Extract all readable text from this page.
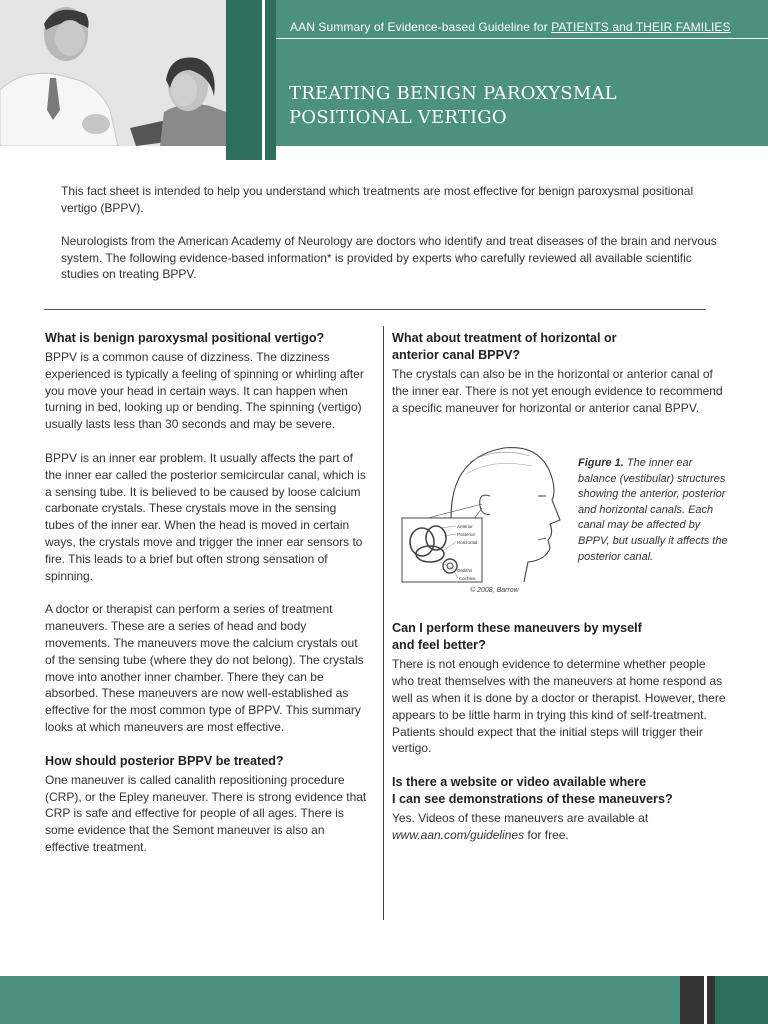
AAN Summary of Evidence-based Guideline for PATIENTS and THEIR FAMILIES
TREATING BENIGN PAROXYSMAL
POSITIONAL VERTIGO

This fact sheet is intended to help you understand which treatments are most effective for benign paroxysmal positional vertigo (BPPV).

Neurologists from the American Academy of Neurology are doctors who identify and treat diseases of the brain and nervous system. The following evidence-based information* is provided by experts who carefully reviewed all available scientific studies on treating BPPV.

What is benign paroxysmal positional vertigo?

BPPV is a common cause of dizziness. The dizziness experienced is typically a feeling of spinning or whirling after you move your head in certain ways. It can happen when turning in bed, looking up or bending. The spinning (vertigo) usually lasts less than 30 seconds and may be severe.

BPPV is an inner ear problem. It usually affects the part of the inner ear called the posterior semicircular canal, which is a sensing tube. It is believed to be caused by loose calcium carbonate crystals. These crystals move in the sensing tubes of the inner ear. When the head is moved in certain ways, the crystals move and trigger the inner ear sensors to fire. This leads to a brief but often strong sensation of spinning.

A doctor or therapist can perform a series of treatment maneuvers. These are a series of head and body movements. The maneuvers move the calcium crystals out of the sensing tube (where they do not belong). The crystals move into another inner chamber. There they can be absorbed. These maneuvers are now well-established as effective for the most common type of BPPV. This summary looks at which maneuvers are most effective.

How should posterior BPPV be treated?

One maneuver is called canalith repositioning procedure (CRP), or the Epley maneuver. There is strong evidence that CRP is safe and effective for people of all ages. There is some evidence that the Semont maneuver is also an effective treatment.

What about treatment of horizontal or
anterior canal BPPV?

The crystals can also be in the horizontal or anterior canal of the inner ear. There is not yet enough evidence to recommend a specific maneuver for horizontal or anterior canal BPPV.

Can I perform these maneuvers by myself
and feel better?

There is not enough evidence to determine whether people who treat themselves with the maneuvers at home respond as well as when it is done by a doctor or therapist. However, there appears to be little harm in trying this kind of self-treatment. Patients should expect that the initial steps will trigger their vertigo.

Is there a website or video available where
I can see demonstrations of these maneuvers?

Yes. Videos of these maneuvers are available at www.aan.com/guidelines for free.

Anterior
Posterior
Horizontal
Otoliths
Cochlea
© 2008, Barrow
Figure 1. The inner ear balance (vestibular) structures showing the anterior, posterior and horizontal canals. Each canal may be affected by BPPV, but usually it affects the posterior canal.
